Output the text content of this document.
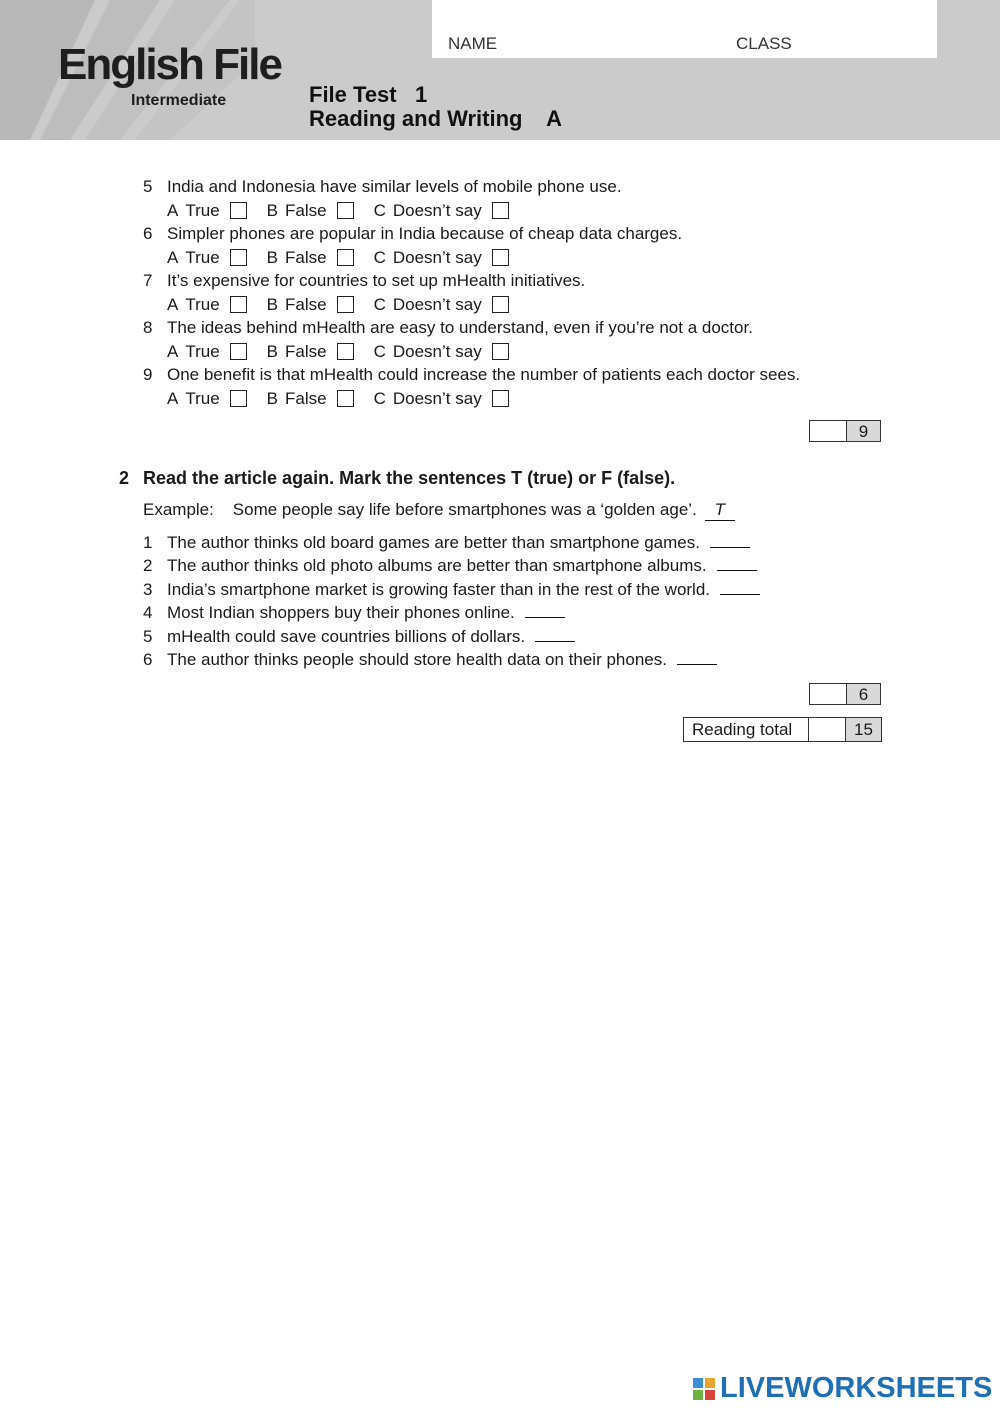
English File
Intermediate
NAME	CLASS
File Test   1
Reading and Writing    A
5 India and Indonesia have similar levels of mobile phone use.
A True	B False	C Doesn’t say
6 Simpler phones are popular in India because of cheap data charges.
A True	B False	C Doesn’t say
7 It’s expensive for countries to set up mHealth initiatives.
A True	B False	C Doesn’t say
8 The ideas behind mHealth are easy to understand, even if you’re not a doctor.
A True	B False	C Doesn’t say
9 One benefit is that mHealth could increase the number of patients each doctor sees.
A True	B False	C Doesn’t say
9
2 Read the article again. Mark the sentences T (true) or F (false).
Example: Some people say life before smartphones was a ‘golden age’. T
1 The author thinks old board games are better than smartphone games.
2 The author thinks old photo albums are better than smartphone albums.
3 India’s smartphone market is growing faster than in the rest of the world.
4 Most Indian shoppers buy their phones online.
5 mHealth could save countries billions of dollars.
6 The author thinks people should store health data on their phones.
6
Reading total	15
LIVEWORKSHEETS
